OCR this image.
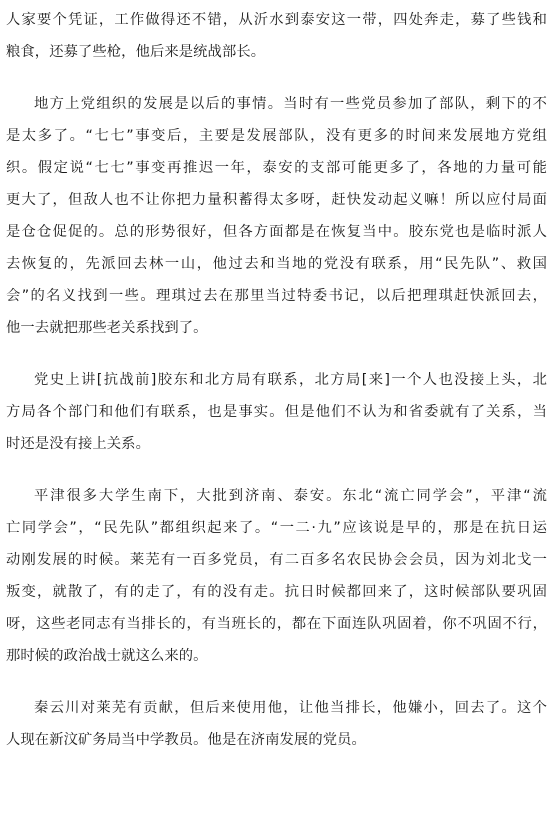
人家要个凭证，工作做得还不错，从沂水到泰安这一带，四处奔走，募了些钱和
粮食，还募了些枪，他后来是统战部长。
地方上党组织的发展是以后的事情。当时有一些党员参加了部队，剩下的不
是太多了。“七七”事变后，主要是发展部队，没有更多的时间来发展地方党组
织。假定说“七七”事变再推迟一年，泰安的支部可能更多了，各地的力量可能
更大了，但敌人也不让你把力量积蓄得太多呀，赶快发动起义嘛！所以应付局面
是仓仓促促的。总的形势很好，但各方面都是在恢复当中。胶东党也是临时派人
去恢复的，先派回去林一山，他过去和当地的党没有联系，用“民先队”、救国
会”的名义找到一些。理琪过去在那里当过特委书记，以后把理琪赶快派回去，
他一去就把那些老关系找到了。
党史上讲[抗战前]胶东和北方局有联系，北方局[来]一个人也没接上头，北
方局各个部门和他们有联系，也是事实。但是他们不认为和省委就有了关系，当
时还是没有接上关系。
平津很多大学生南下，大批到济南、泰安。东北“流亡同学会”，平津“流
亡同学会”，“民先队”都组织起来了。“一二·九”应该说是早的，那是在抗日运
动刚发展的时候。莱芜有一百多党员，有二百多名农民协会会员，因为刘北戈一
叛变，就散了，有的走了，有的没有走。抗日时候都回来了，这时候部队要巩固
呀，这些老同志有当排长的，有当班长的，都在下面连队巩固着，你不巩固不行，
那时候的政治战士就这么来的。
秦云川对莱芜有贡献，但后来使用他，让他当排长，他嫌小，回去了。这个
人现在新汶矿务局当中学教员。他是在济南发展的党员。
